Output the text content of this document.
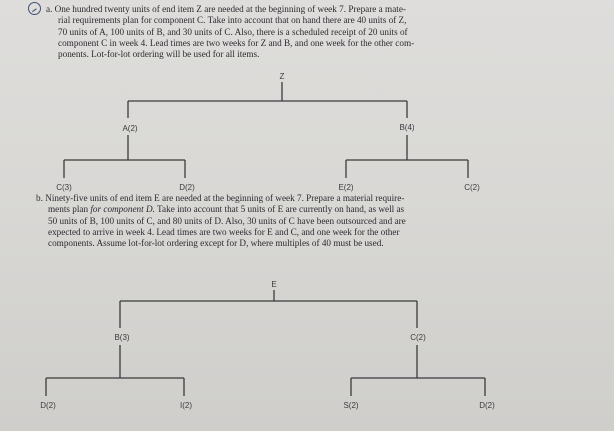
a. One hundred twenty units of end item Z are needed at the beginning of week 7. Prepare a mate-
rial requirements plan for component C. Take into account that on hand there are 40 units of Z,
70 units of A, 100 units of B, and 30 units of C. Also, there is a scheduled receipt of 20 units of
component C in week 4. Lead times are two weeks for Z and B, and one week for the other com-
ponents. Lot-for-lot ordering will be used for all items.
Z
A(2)	B(4)
C(3)	D(2)	E(2)	C(2)
b. Ninety-five units of end item E are needed at the beginning of week 7. Prepare a material require-
ments plan for component D. Take into account that 5 units of E are currently on hand, as well as
50 units of B, 100 units of C, and 80 units of D. Also, 30 units of C have been outsourced and are
expected to arrive in week 4. Lead times are two weeks for E and C, and one week for the other
components. Assume lot-for-lot ordering except for D, where multiples of 40 must be used.
E
B(3)	C(2)
D(2)	I(2)	S(2)	D(2)
